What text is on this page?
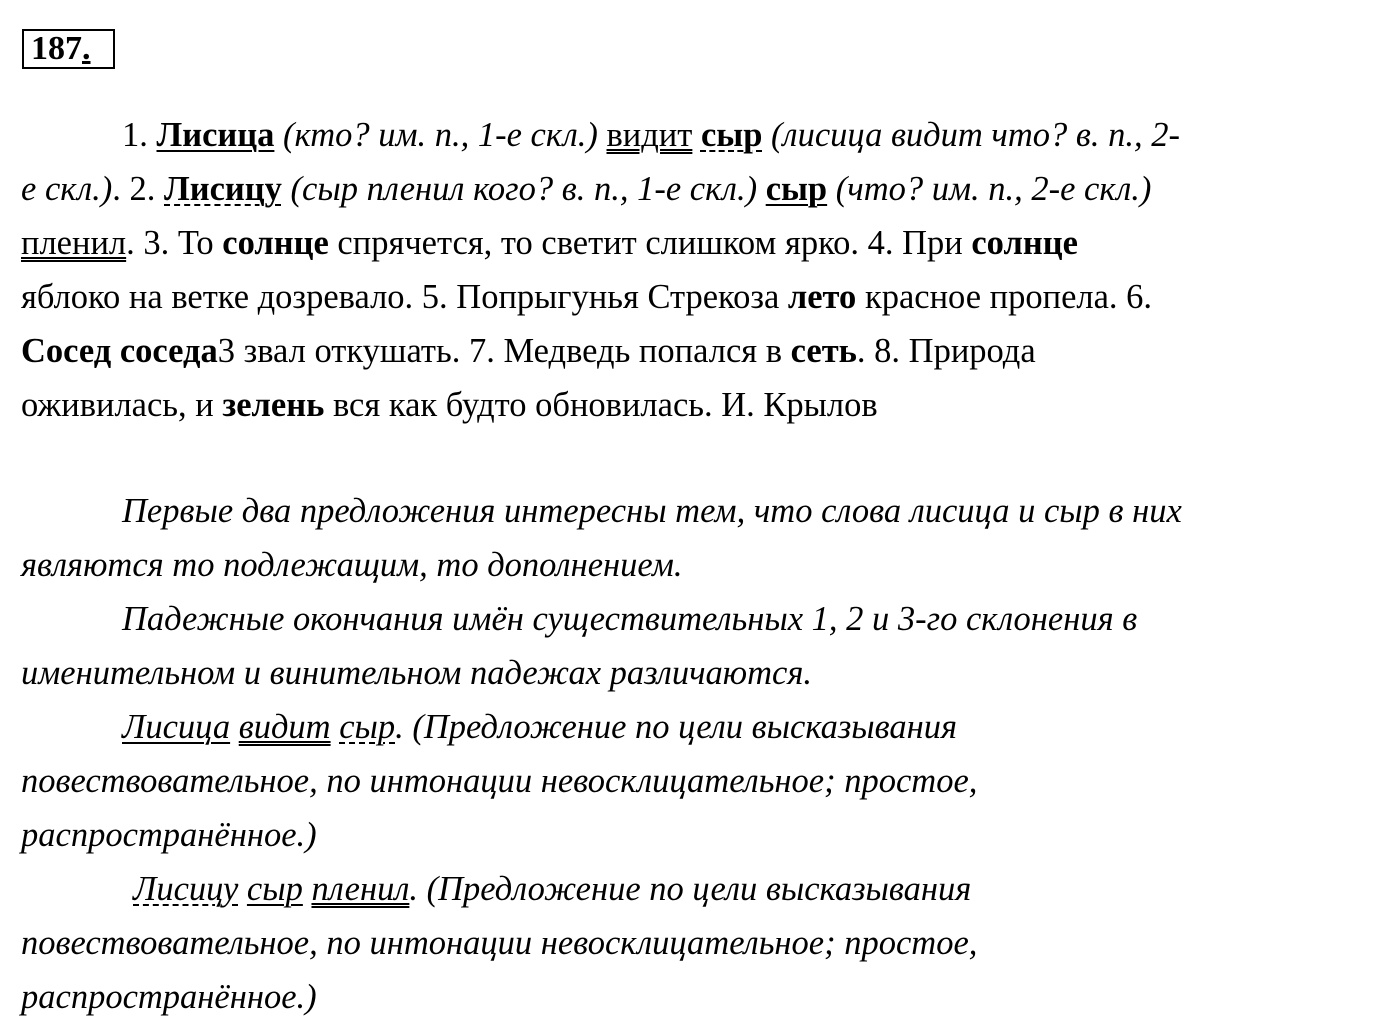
187.
1. Лисица (кто? им. п., 1-е скл.) видит сыр (лисица видит что? в. п., 2-
е скл.). 2. Лисицу (сыр пленил кого? в. п., 1-е скл.) сыр (что? им. п., 2-е скл.)
пленил. 3. То солнце спрячется, то светит слишком ярко. 4. При солнце
яблоко на ветке дозревало. 5. Попрыгунья Стрекоза лето красное пропела. 6.
Сосед соседа3 звал откушать. 7. Медведь попался в сеть. 8. Природа
оживилась, и зелень вся как будто обновилась. И. Крылов
Первые два предложения интересны тем, что слова лисица и сыр в них
являются то подлежащим, то дополнением.
Падежные окончания имён существительных 1, 2 и 3-го склонения в
именительном и винительном падежах различаются.
Лисица видит сыр. (Предложение по цели высказывания
повествовательное, по интонации невосклицательное; простое,
распространённое.)
Лисицу сыр пленил. (Предложение по цели высказывания
повествовательное, по интонации невосклицательное; простое,
распространённое.)
